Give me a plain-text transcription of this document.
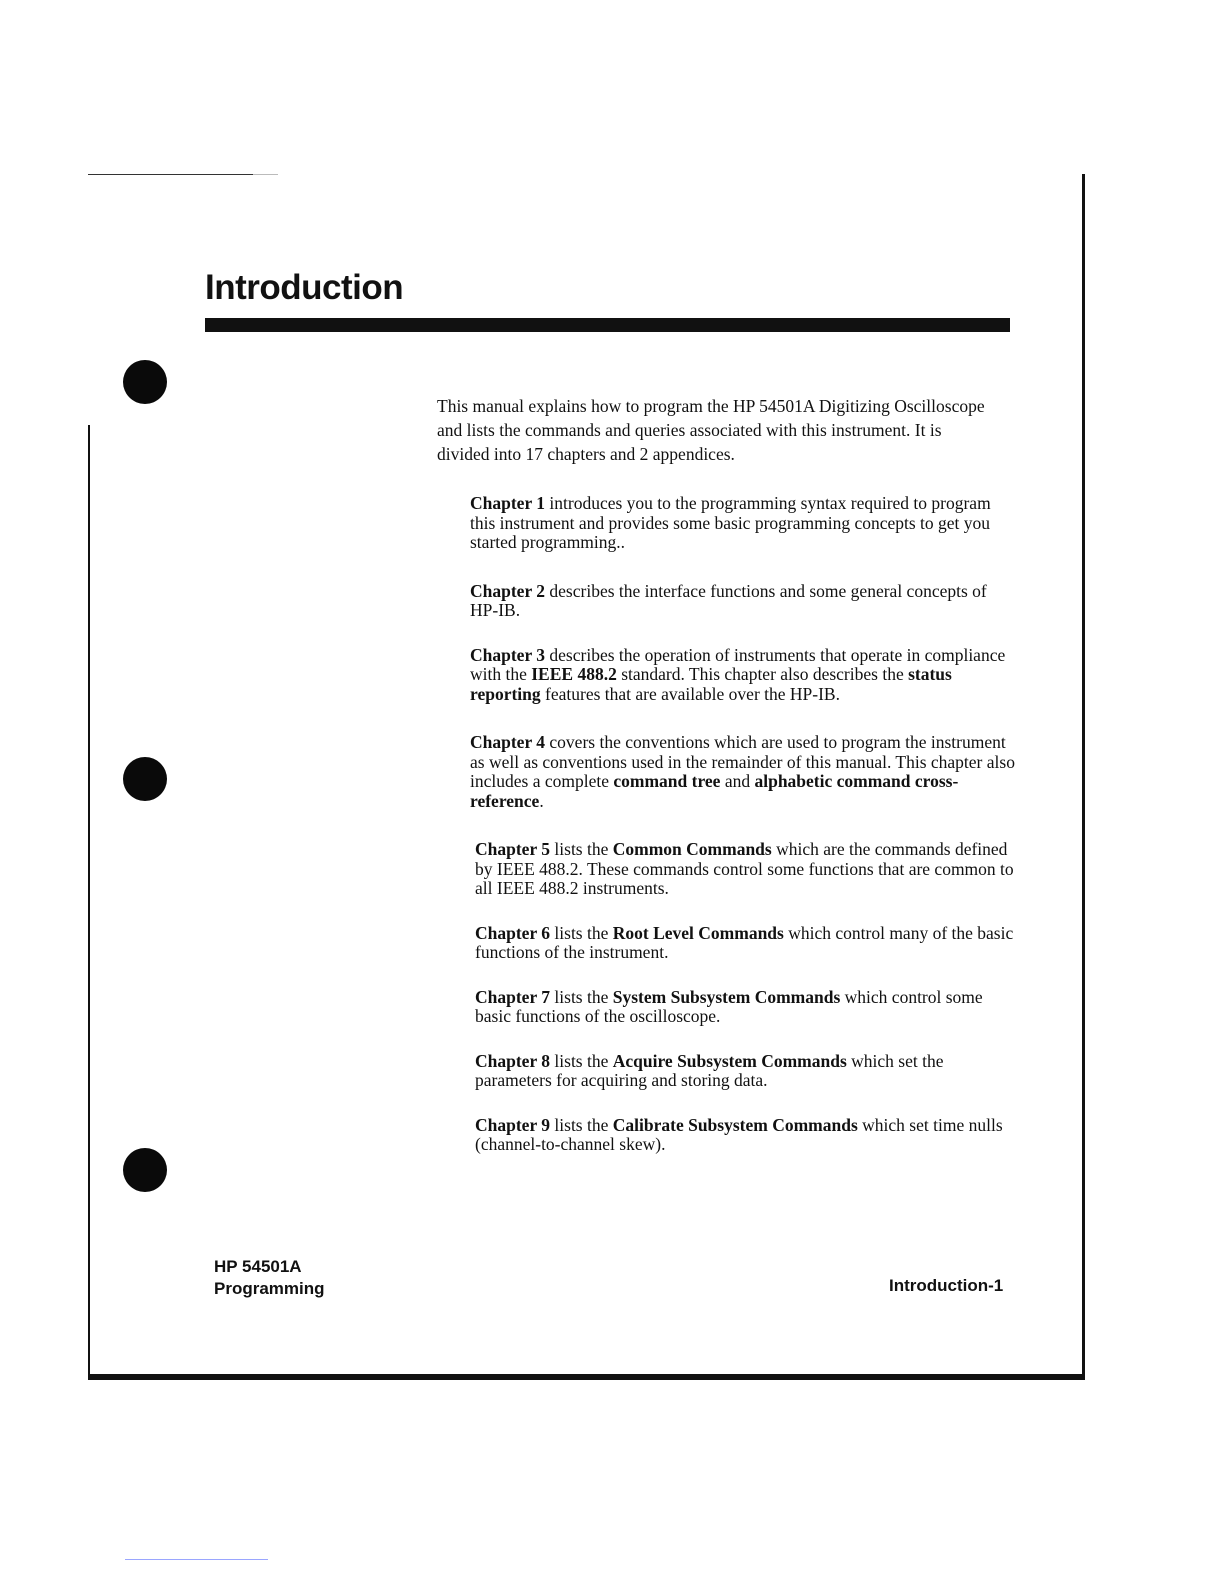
Introduction

This manual explains how to program the HP 54501A Digitizing Oscilloscope and lists the commands and queries associated with this instrument. It is divided into 17 chapters and 2 appendices.

Chapter 1 introduces you to the programming syntax required to program this instrument and provides some basic programming concepts to get you started programming..
Chapter 2 describes the interface functions and some general concepts of HP-IB.
Chapter 3 describes the operation of instruments that operate in compliance with the IEEE 488.2 standard. This chapter also describes the status reporting features that are available over the HP-IB.
Chapter 4 covers the conventions which are used to program the instrument as well as conventions used in the remainder of this manual. This chapter also includes a complete command tree and alphabetic command cross-reference.
Chapter 5 lists the Common Commands which are the commands defined by IEEE 488.2. These commands control some functions that are common to all IEEE 488.2 instruments.
Chapter 6 lists the Root Level Commands which control many of the basic functions of the instrument.
Chapter 7 lists the System Subsystem Commands which control some basic functions of the oscilloscope.
Chapter 8 lists the Acquire Subsystem Commands which set the parameters for acquiring and storing data.
Chapter 9 lists the Calibrate Subsystem Commands which set time nulls (channel-to-channel skew).
HP 54501A
Programming	Introduction-1
